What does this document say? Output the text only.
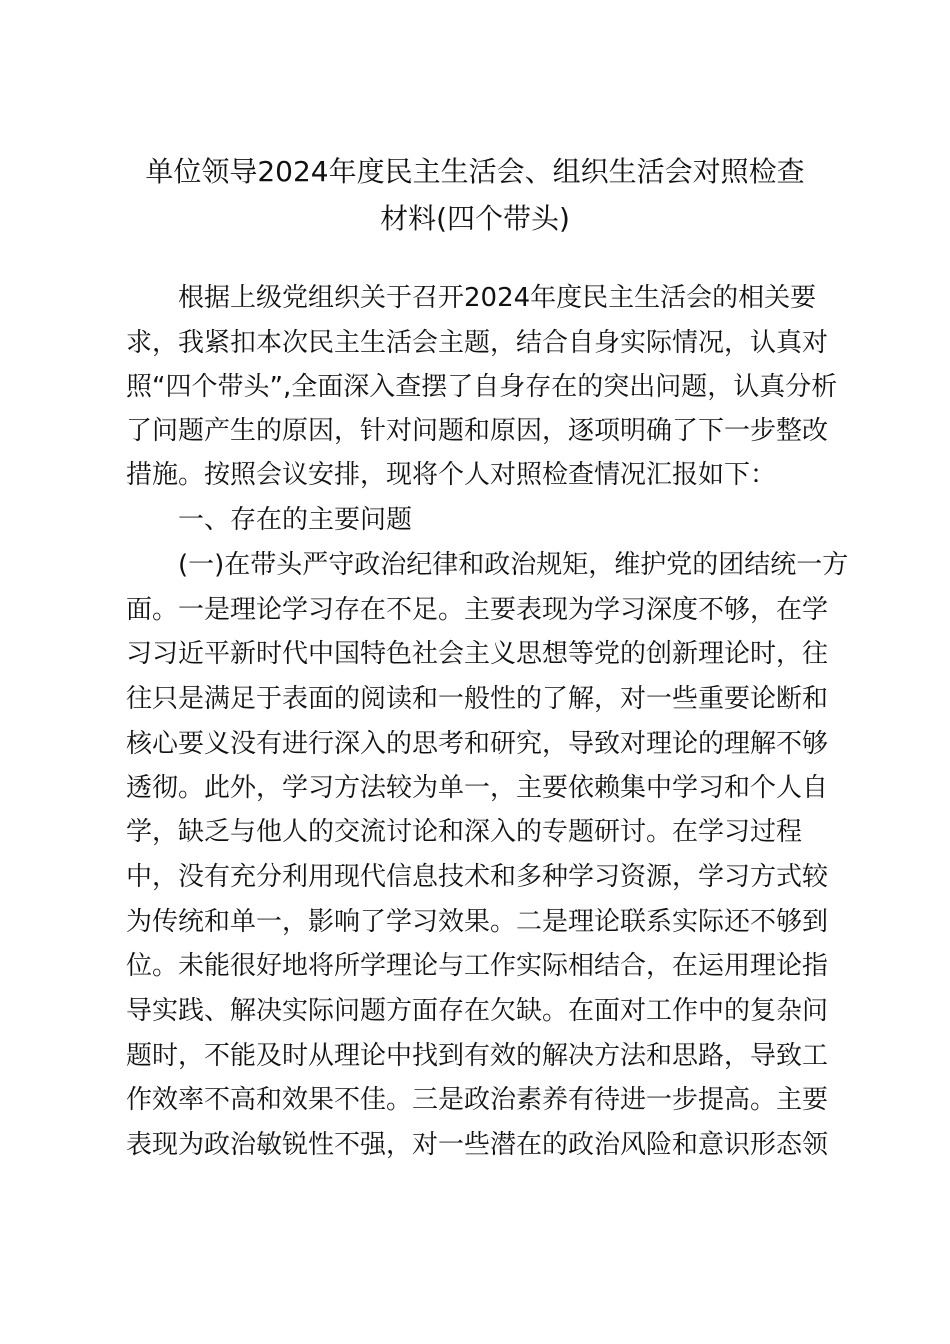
单位领导2024年度民主生活会、组织生活会对照检查
材料(四个带头)
根据上级党组织关于召开2024年度民主生活会的相关要
求，我紧扣本次民主生活会主题，结合自身实际情况，认真对
照“四个带头”,全面深入查摆了自身存在的突出问题，认真分析
了问题产生的原因，针对问题和原因，逐项明确了下一步整改
措施。按照会议安排，现将个人对照检查情况汇报如下：
一、存在的主要问题
(一)在带头严守政治纪律和政治规矩，维护党的团结统一方
面。一是理论学习存在不足。主要表现为学习深度不够，在学
习习近平新时代中国特色社会主义思想等党的创新理论时，往
往只是满足于表面的阅读和一般性的了解，对一些重要论断和
核心要义没有进行深入的思考和研究，导致对理论的理解不够
透彻。此外，学习方法较为单一，主要依赖集中学习和个人自
学，缺乏与他人的交流讨论和深入的专题研讨。在学习过程
中，没有充分利用现代信息技术和多种学习资源，学习方式较
为传统和单一，影响了学习效果。二是理论联系实际还不够到
位。未能很好地将所学理论与工作实际相结合，在运用理论指
导实践、解决实际问题方面存在欠缺。在面对工作中的复杂问
题时，不能及时从理论中找到有效的解决方法和思路，导致工
作效率不高和效果不佳。三是政治素养有待进一步提高。主要
表现为政治敏锐性不强，对一些潜在的政治风险和意识形态领
